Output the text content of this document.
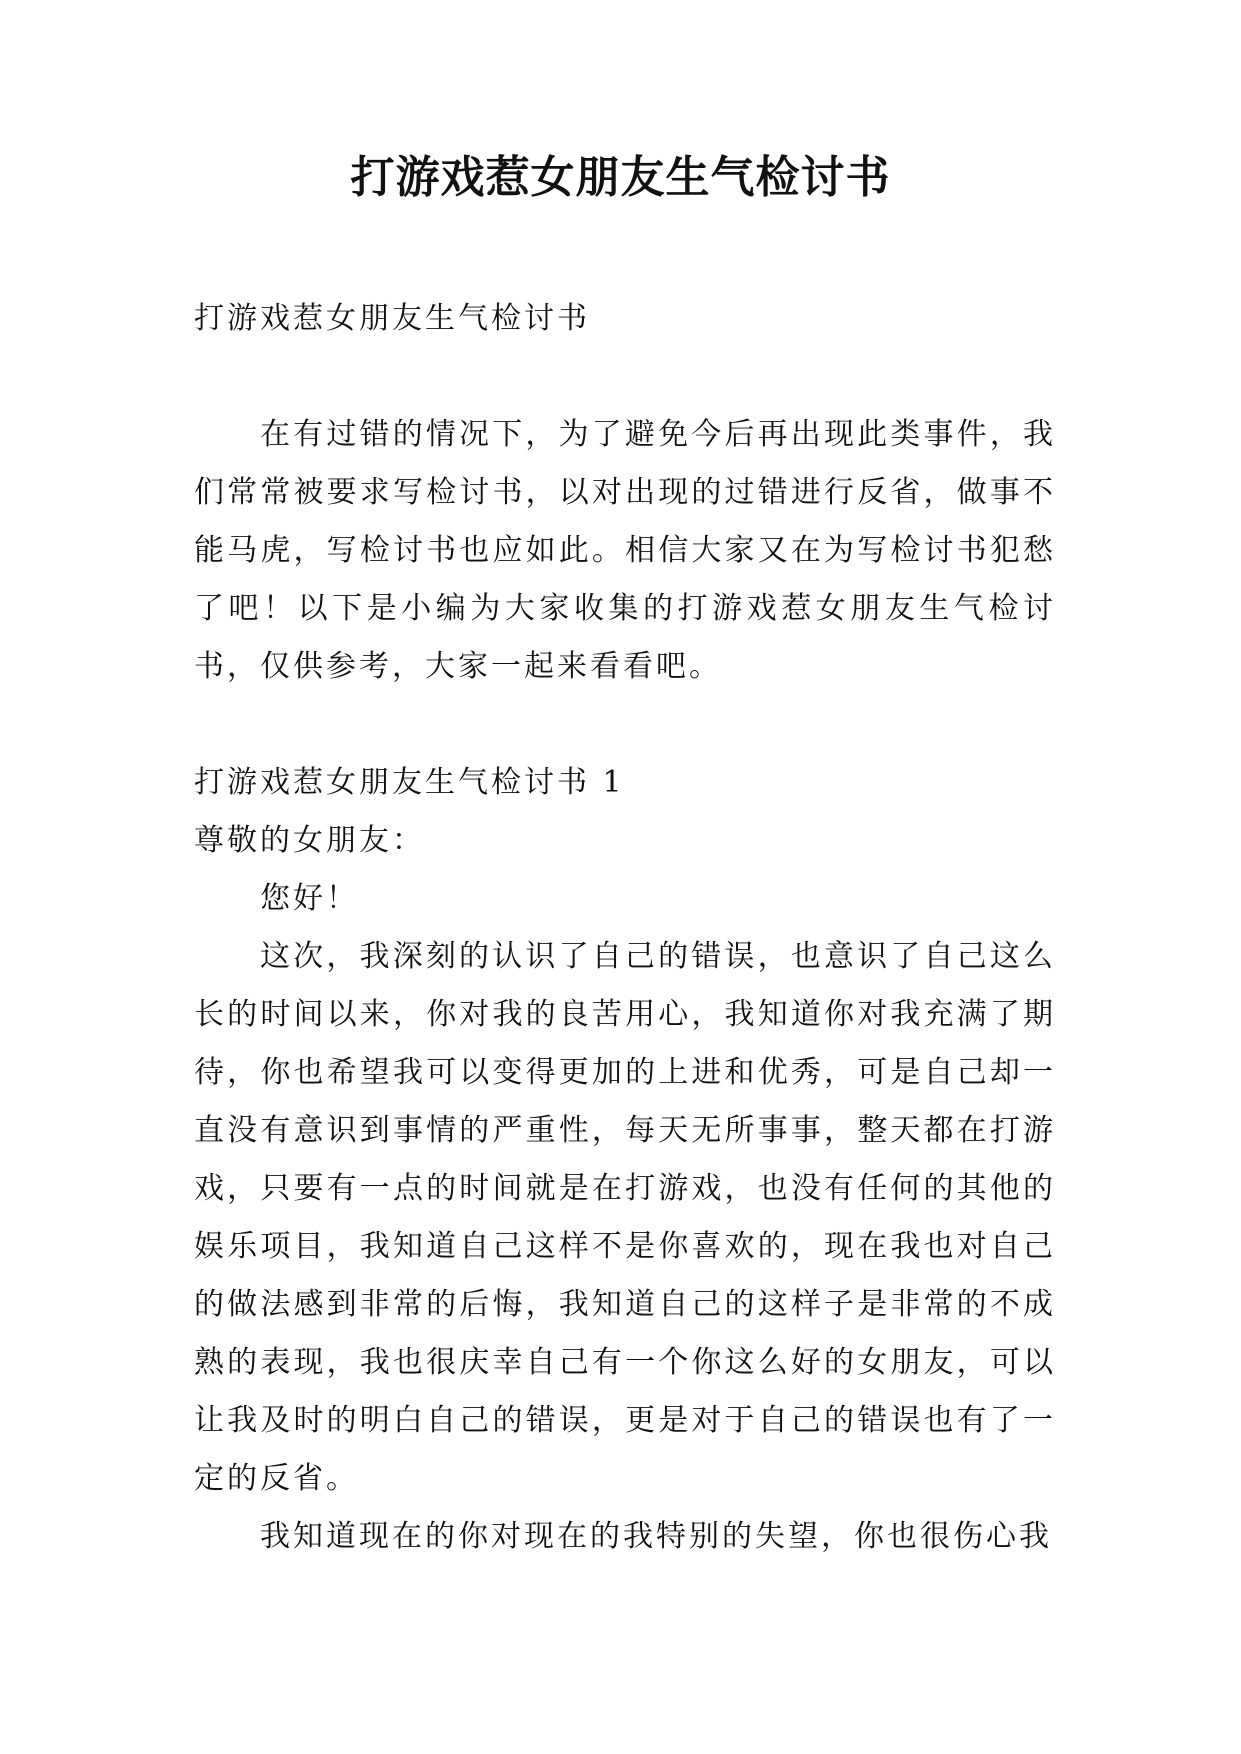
打游戏惹女朋友生气检讨书

打游戏惹女朋友生气检讨书

在有过错的情况下，为了避免今后再出现此类事件，我们常常被要求写检讨书，以对出现的过错进行反省，做事不能马虎，写检讨书也应如此。相信大家又在为写检讨书犯愁了吧！以下是小编为大家收集的打游戏惹女朋友生气检讨书，仅供参考，大家一起来看看吧。

打游戏惹女朋友生气检讨书 1

尊敬的女朋友：

您好！

这次，我深刻的认识了自己的错误，也意识了自己这么长的时间以来，你对我的良苦用心，我知道你对我充满了期待，你也希望我可以变得更加的上进和优秀，可是自己却一直没有意识到事情的严重性，每天无所事事，整天都在打游戏，只要有一点的时间就是在打游戏，也没有任何的其他的娱乐项目，我知道自己这样不是你喜欢的，现在我也对自己的做法感到非常的后悔，我知道自己的这样子是非常的不成熟的表现，我也很庆幸自己有一个你这么好的女朋友，可以让我及时的明白自己的错误，更是对于自己的错误也有了一定的反省。

我知道现在的你对现在的我特别的失望，你也很伤心我
